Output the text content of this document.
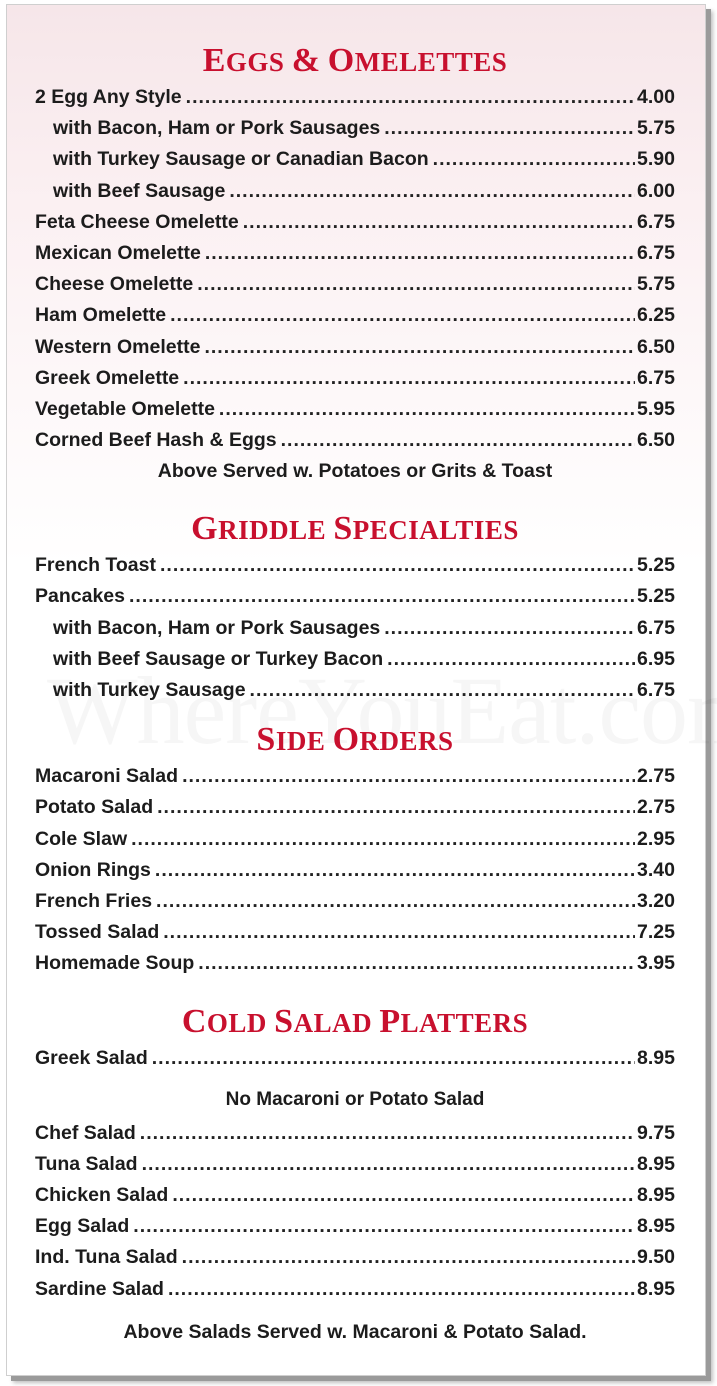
EGGS & OMELETTES
2 Egg Any Style .....	4.00
with Bacon, Ham or Pork Sausages .....	5.75
with Turkey Sausage or Canadian Bacon .....	5.90
with Beef Sausage .....	6.00
Feta Cheese Omelette .....	6.75
Mexican Omelette .....	6.75
Cheese Omelette .....	5.75
Ham Omelette .....	6.25
Western Omelette .....	6.50
Greek Omelette .....	6.75
Vegetable Omelette .....	5.95
Corned Beef Hash & Eggs .....	6.50
Above Served w. Potatoes or Grits & Toast
GRIDDLE SPECIALTIES
French Toast .....	5.25
Pancakes .....	5.25
with Bacon, Ham or Pork Sausages .....	6.75
with Beef Sausage or Turkey Bacon .....	6.95
with Turkey Sausage .....	6.75
SIDE ORDERS
Macaroni Salad .....	2.75
Potato Salad .....	2.75
Cole Slaw .....	2.95
Onion Rings .....	3.40
French Fries .....	3.20
Tossed Salad .....	7.25
Homemade Soup .....	3.95
COLD SALAD PLATTERS
Greek Salad .....	8.95
No Macaroni or Potato Salad
Chef Salad .....	9.75
Tuna Salad .....	8.95
Chicken Salad .....	8.95
Egg Salad .....	8.95
Ind. Tuna Salad .....	9.50
Sardine Salad .....	8.95
Above Salads Served w. Macaroni & Potato Salad.
